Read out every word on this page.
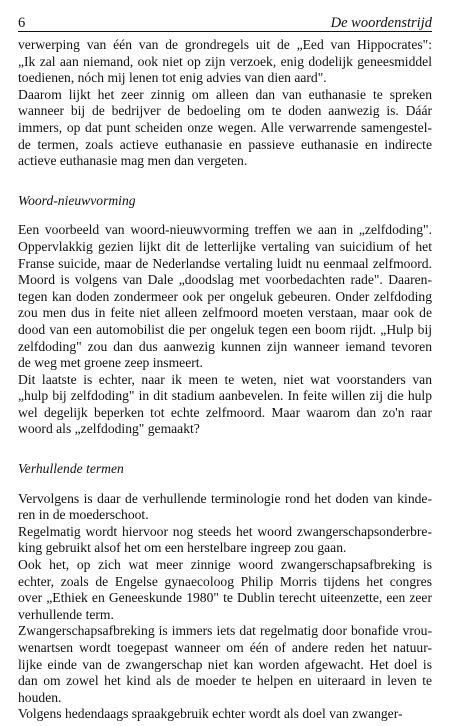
6	De woordenstrijd
verwerping van één van de grondregels uit de „Eed van Hippocrates":
„Ik zal aan niemand, ook niet op zijn verzoek, enig dodelijk geneesmiddel
toedienen, nóch mij lenen tot enig advies van dien aard".
Daarom lijkt het zeer zinnig om alleen dan van euthanasie te spreken
wanneer bij de bedrijver de bedoeling om te doden aanwezig is. Dáár
immers, op dat punt scheiden onze wegen. Alle verwarrende samengestel-
de termen, zoals actieve euthanasie en passieve euthanasie en indirecte
actieve euthanasie mag men dan vergeten.
Woord-nieuwvorming
Een voorbeeld van woord-nieuwvorming treffen we aan in „zelfdoding".
Oppervlakkig gezien lijkt dit de letterlijke vertaling van suicidium of het
Franse suicide, maar de Nederlandse vertaling luidt nu eenmaal zelfmoord.
Moord is volgens van Dale „doodslag met voorbedachten rade". Daaren-
tegen kan doden zondermeer ook per ongeluk gebeuren. Onder zelfdoding
zou men dus in feite niet alleen zelfmoord moeten verstaan, maar ook de
dood van een automobilist die per ongeluk tegen een boom rijdt. „Hulp bij
zelfdoding" zou dan dus aanwezig kunnen zijn wanneer iemand tevoren
de weg met groene zeep insmeert.
Dit laatste is echter, naar ik meen te weten, niet wat voorstanders van
„hulp bij zelfdoding" in dit stadium aanbevelen. In feite willen zij die hulp
wel degelijk beperken tot echte zelfmoord. Maar waarom dan zo'n raar
woord als „zelfdoding" gemaakt?
Verhullende termen
Vervolgens is daar de verhullende terminologie rond het doden van kinde-
ren in de moederschoot.
Regelmatig wordt hiervoor nog steeds het woord zwangerschapsonderbre-
king gebruikt alsof het om een herstelbare ingreep zou gaan.
Ook het, op zich wat meer zinnige woord zwangerschapsafbreking is
echter, zoals de Engelse gynaecoloog Philip Morris tijdens het congres
over „Ethiek en Geneeskunde 1980" te Dublin terecht uiteenzette, een zeer
verhullende term.
Zwangerschapsafbreking is immers iets dat regelmatig door bonafide vrou-
wenartsen wordt toegepast wanneer om één of andere reden het natuur-
lijke einde van de zwangerschap niet kan worden afgewacht. Het doel is
dan om zowel het kind als de moeder te helpen en uiteraard in leven te
houden.
Volgens hedendaags spraakgebruik echter wordt als doel van zwanger-
